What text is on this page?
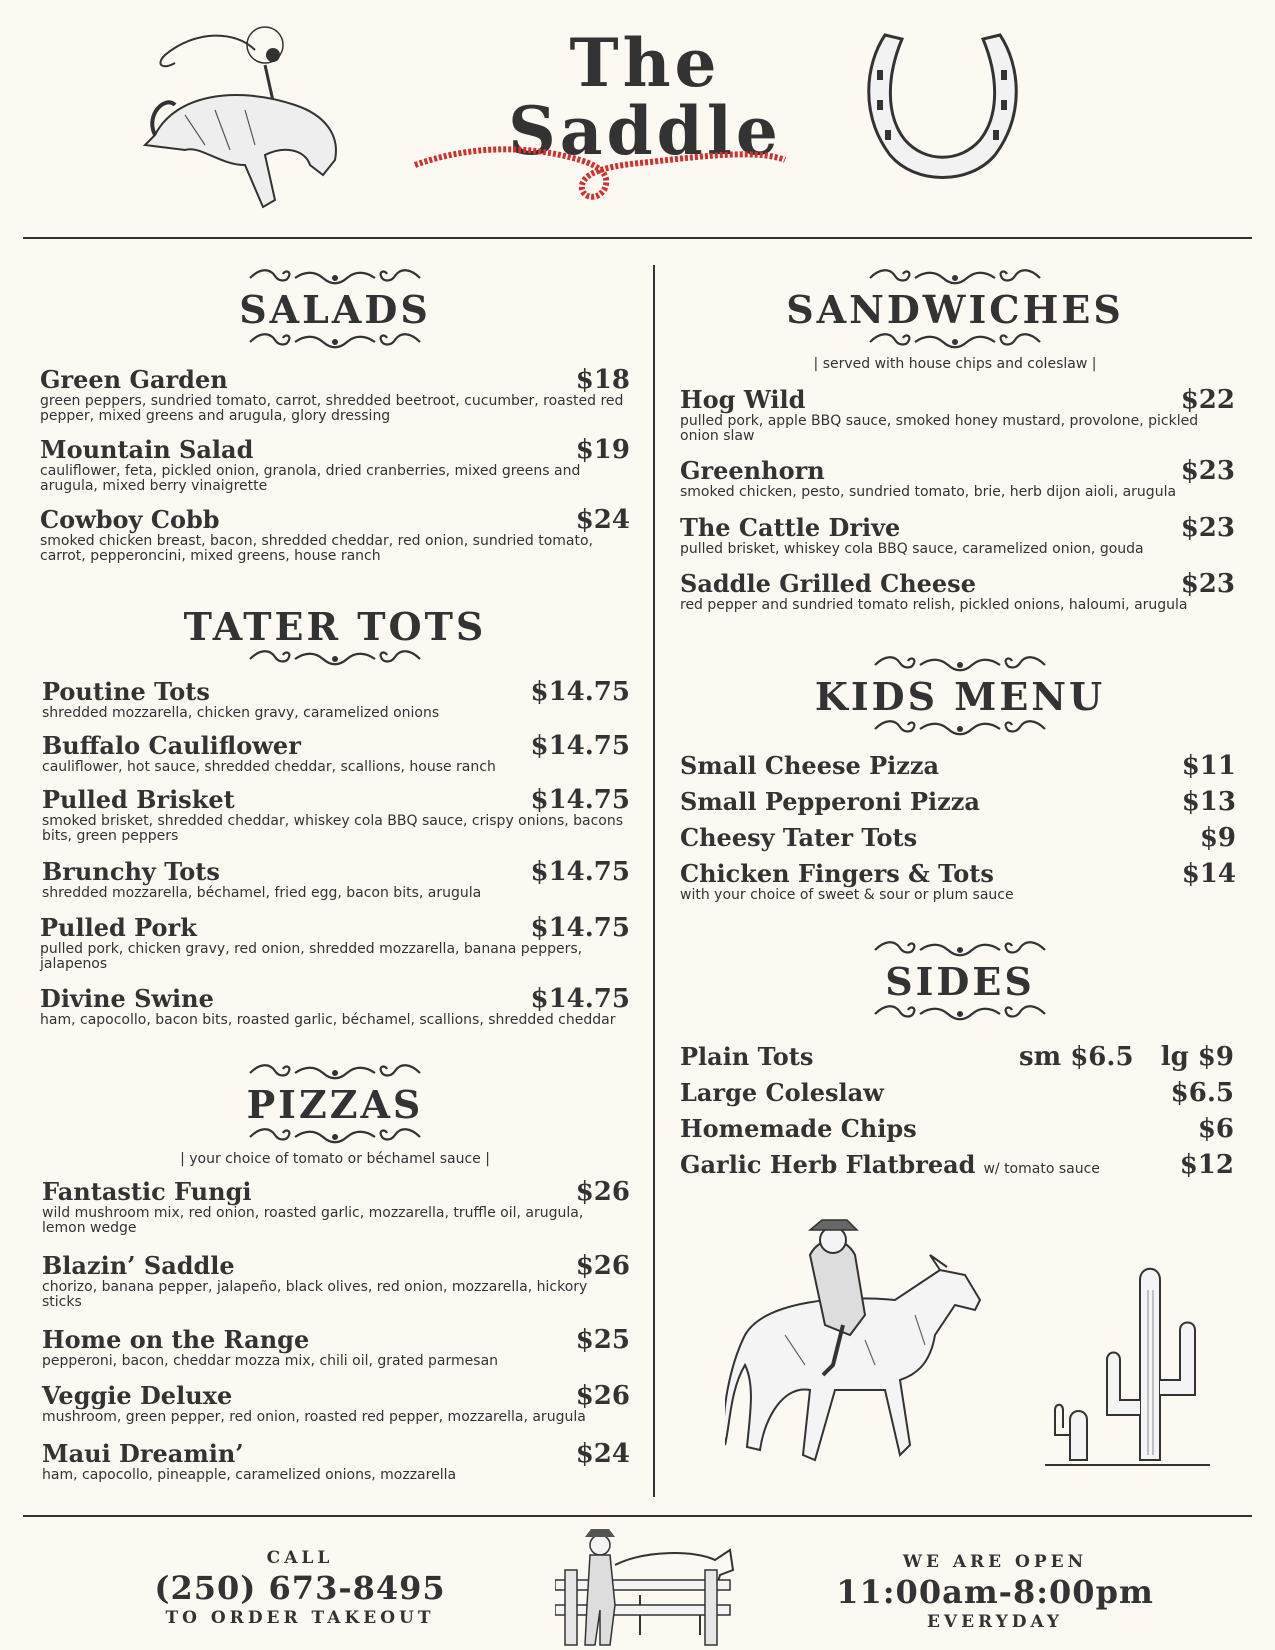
The
Saddle
SALADS
Green Garden	$18
green peppers, sundried tomato, carrot, shredded beetroot, cucumber, roasted red pepper, mixed greens and arugula, glory dressing
Mountain Salad	$19
cauliflower, feta, pickled onion, granola, dried cranberries, mixed greens and arugula, mixed berry vinaigrette
Cowboy Cobb	$24
smoked chicken breast, bacon, shredded cheddar, red onion, sundried tomato, carrot, pepperoncini, mixed greens, house ranch
TATER TOTS
Poutine Tots	$14.75
shredded mozzarella, chicken gravy, caramelized onions
Buffalo Cauliflower	$14.75
cauliflower, hot sauce, shredded cheddar, scallions, house ranch
Pulled Brisket	$14.75
smoked brisket, shredded cheddar, whiskey cola BBQ sauce, crispy onions, bacons bits, green peppers
Brunchy Tots	$14.75
shredded mozzarella, béchamel, fried egg, bacon bits, arugula
Pulled Pork	$14.75
pulled pork, chicken gravy, red onion, shredded mozzarella, banana peppers, jalapenos
Divine Swine	$14.75
ham, capocollo, bacon bits, roasted garlic, béchamel, scallions, shredded cheddar
PIZZAS
| your choice of tomato or béchamel sauce |
Fantastic Fungi	$26
wild mushroom mix, red onion, roasted garlic, mozzarella, truffle oil, arugula, lemon wedge
Blazin’ Saddle	$26
chorizo, banana pepper, jalapeño, black olives, red onion, mozzarella, hickory sticks
Home on the Range	$25
pepperoni, bacon, cheddar mozza mix, chili oil, grated parmesan
Veggie Deluxe	$26
mushroom, green pepper, red onion, roasted red pepper, mozzarella, arugula
Maui Dreamin’	$24
ham, capocollo, pineapple, caramelized onions, mozzarella
SANDWICHES
| served with house chips and coleslaw |
Hog Wild	$22
pulled pork, apple BBQ sauce, smoked honey mustard, provolone, pickled onion slaw
Greenhorn	$23
smoked chicken, pesto, sundried tomato, brie, herb dijon aioli, arugula
The Cattle Drive	$23
pulled brisket, whiskey cola BBQ sauce, caramelized onion, gouda
Saddle Grilled Cheese	$23
red pepper and sundried tomato relish, pickled onions, haloumi, arugula
KIDS MENU
Small Cheese Pizza	$11
Small Pepperoni Pizza	$13
Cheesy Tater Tots	$9
Chicken Fingers & Tots	$14
with your choice of sweet & sour or plum sauce
SIDES
Plain Tots	sm $6.5   lg $9
Large Coleslaw	$6.5
Homemade Chips	$6
Garlic Herb Flatbread w/ tomato sauce	$12
CALL
(250) 673-8495
TO ORDER TAKEOUT
WE ARE OPEN
11:00am-8:00pm
EVERYDAY
